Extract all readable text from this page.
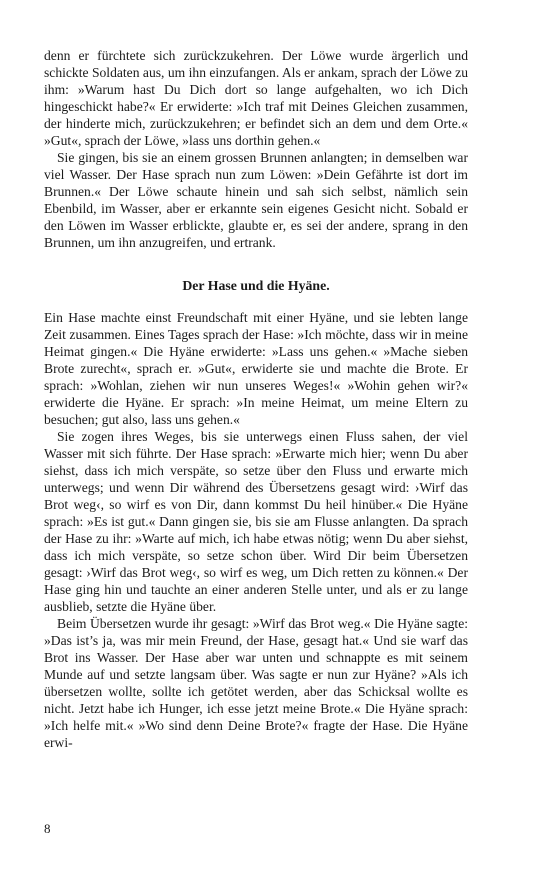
denn er fürchtete sich zurückzukehren. Der Löwe wurde ärgerlich und schickte Soldaten aus, um ihn einzufangen. Als er ankam, sprach der Löwe zu ihm: »Warum hast Du Dich dort so lange aufgehalten, wo ich Dich hingeschickt habe?« Er erwiderte: »Ich traf mit Deines Gleichen zusammen, der hinderte mich, zurückzukehren; er befindet sich an dem und dem Orte.« »Gut«, sprach der Löwe, »lass uns dorthin gehen.«

Sie gingen, bis sie an einem grossen Brunnen anlangten; in demselben war viel Wasser. Der Hase sprach nun zum Löwen: »Dein Gefährte ist dort im Brunnen.« Der Löwe schaute hinein und sah sich selbst, nämlich sein Ebenbild, im Wasser, aber er erkannte sein eigenes Gesicht nicht. Sobald er den Löwen im Wasser erblickte, glaubte er, es sei der andere, sprang in den Brunnen, um ihn anzugreifen, und ertrank.

Der Hase und die Hyäne.

Ein Hase machte einst Freundschaft mit einer Hyäne, und sie lebten lange Zeit zusammen. Eines Tages sprach der Hase: »Ich möchte, dass wir in meine Heimat gingen.« Die Hyäne erwiderte: »Lass uns gehen.« »Mache sieben Brote zurecht«, sprach er. »Gut«, erwiderte sie und machte die Brote. Er sprach: »Wohlan, ziehen wir nun unseres Weges!« »Wohin gehen wir?« erwiderte die Hyäne. Er sprach: »In meine Heimat, um meine Eltern zu besuchen; gut also, lass uns gehen.«

Sie zogen ihres Weges, bis sie unterwegs einen Fluss sahen, der viel Wasser mit sich führte. Der Hase sprach: »Erwarte mich hier; wenn Du aber siehst, dass ich mich verspäte, so setze über den Fluss und erwarte mich unterwegs; und wenn Dir während des Übersetzens gesagt wird: ›Wirf das Brot weg‹, so wirf es von Dir, dann kommst Du heil hinüber.« Die Hyäne sprach: »Es ist gut.« Dann gingen sie, bis sie am Flusse anlangten. Da sprach der Hase zu ihr: »Warte auf mich, ich habe etwas nötig; wenn Du aber siehst, dass ich mich verspäte, so setze schon über. Wird Dir beim Übersetzen gesagt: ›Wirf das Brot weg‹, so wirf es weg, um Dich retten zu können.« Der Hase ging hin und tauchte an einer anderen Stelle unter, und als er zu lange ausblieb, setzte die Hyäne über.

Beim Übersetzen wurde ihr gesagt: »Wirf das Brot weg.« Die Hyäne sagte: »Das ist’s ja, was mir mein Freund, der Hase, gesagt hat.« Und sie warf das Brot ins Wasser. Der Hase aber war unten und schnappte es mit seinem Munde auf und setzte langsam über. Was sagte er nun zur Hyäne? »Als ich übersetzen wollte, sollte ich getötet werden, aber das Schicksal wollte es nicht. Jetzt habe ich Hunger, ich esse jetzt meine Brote.« Die Hyäne sprach: »Ich helfe mit.« »Wo sind denn Deine Brote?« fragte der Hase. Die Hyäne erwi-

8
